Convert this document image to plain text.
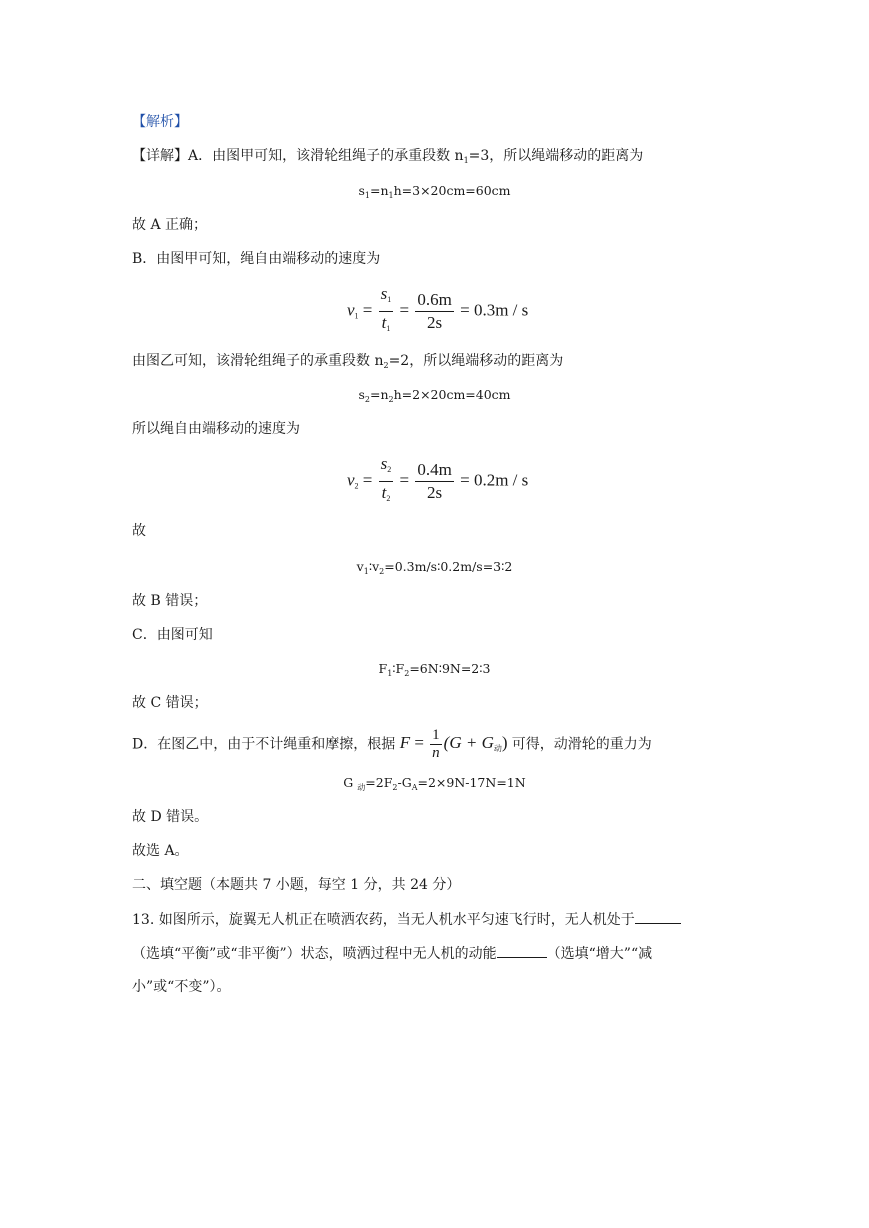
【解析】
【详解】A．由图甲可知，该滑轮组绳子的承重段数 $n_1=3$，所以绳端移动的距离为
$s_1=n_1h=3\times 20cm=60cm$
故 A 正确；
B．由图甲可知，绳自由端移动的速度为
$v_1 = \frac{s_1}{t_1} = \frac{0.6m}{2s} = 0.3m / s$
由图乙可知，该滑轮组绳子的承重段数 $n_2=2$，所以绳端移动的距离为
$s_2=n_2h=2\times 20cm=40cm$
所以绳自由端移动的速度为
$v_2 = \frac{s_2}{t_2} = \frac{0.4m}{2s} = 0.2m / s$
故
$v_1∶v_2=0.3m/s∶0.2m/s=3∶2$
故 B 错误；
C．由图可知
$F_1∶F_2=6N∶9N=2∶3$
故 C 错误；
D．在图乙中，由于不计绳重和摩擦，根据 $F = \frac{1}{n} (G + G_动)$ 可得，动滑轮的重力为
G $_动=2F_2-G_A=2\times 9N-17N=1N$
故 D 错误。
故选 A。
二、填空题（本题共 7 小题，每空 1 分，共 24 分）
13. 如图所示，旋翼无人机正在喷洒农药，当无人机水平匀速飞行时，无人机处于
（选填“平衡”或“非平衡”）状态，喷洒过程中无人机的动能	（选填“增大”“减
小”或“不变”）。
